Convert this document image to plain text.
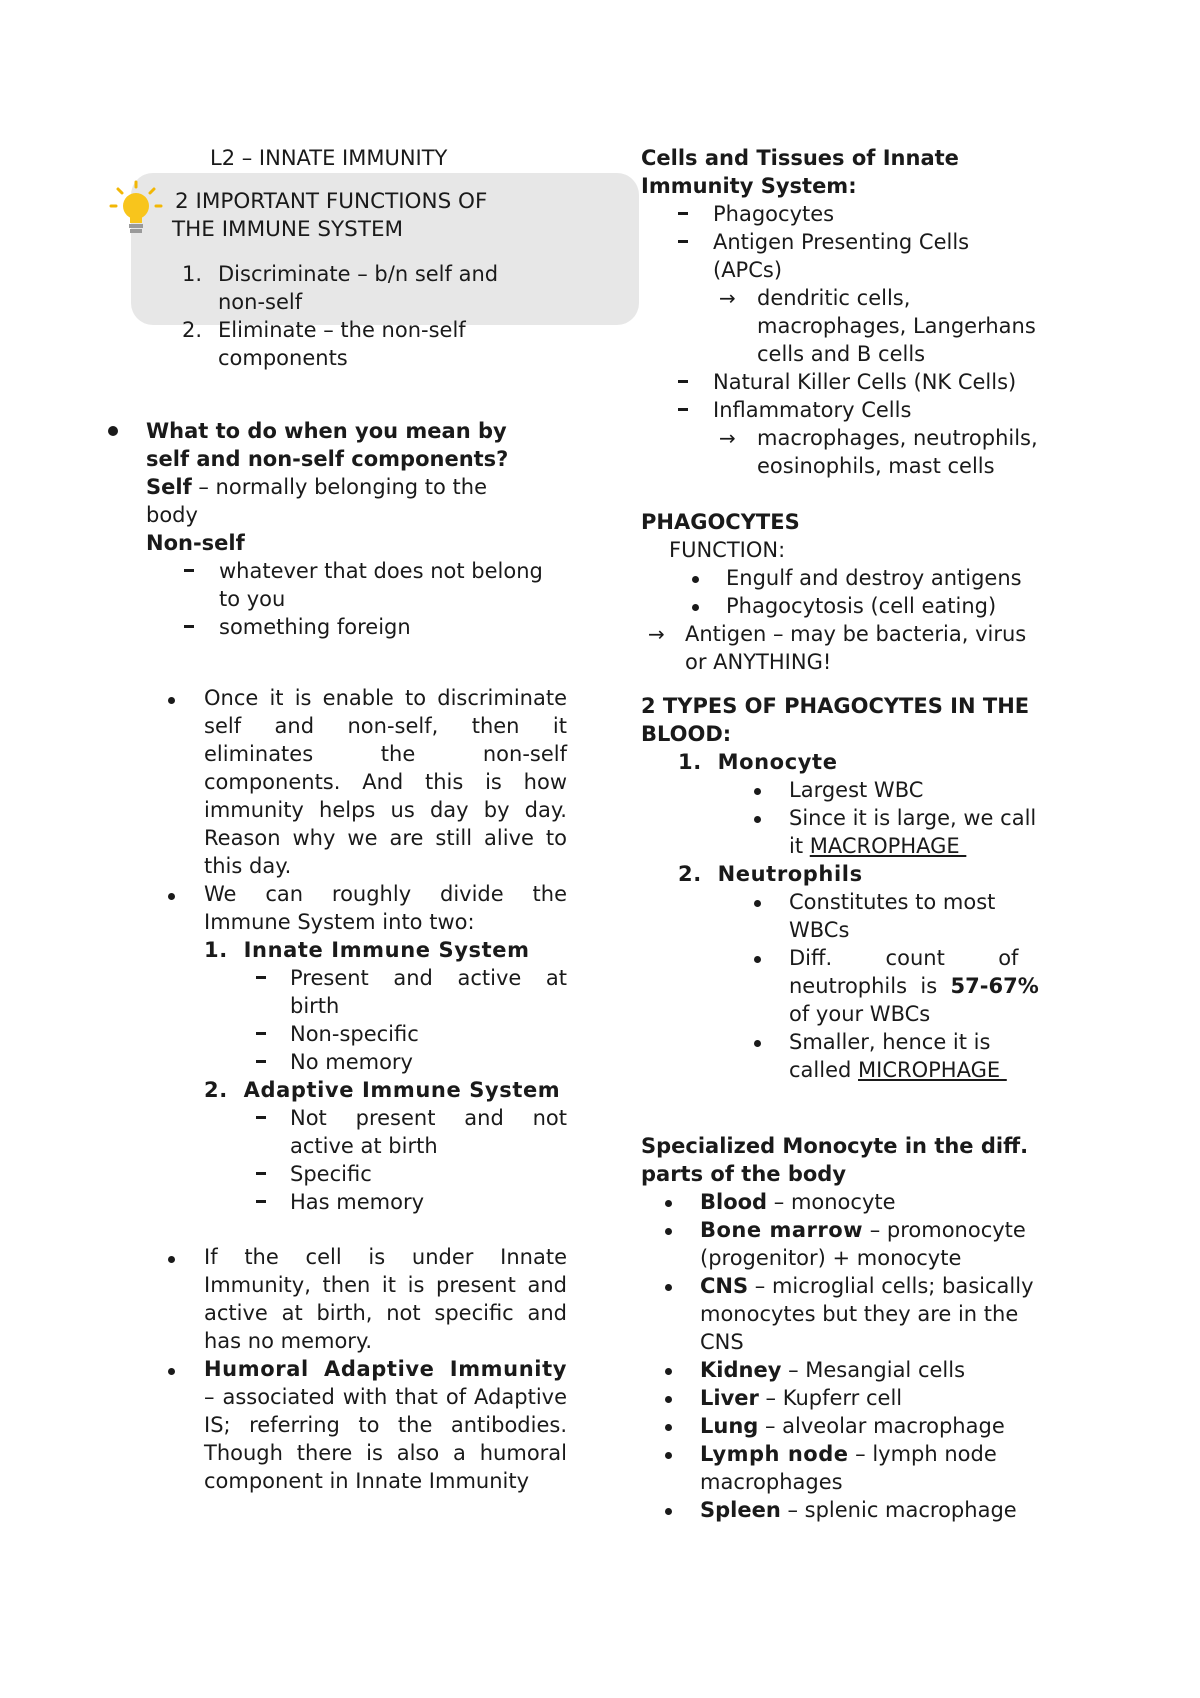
L2 – INNATE IMMUNITY
2 IMPORTANT FUNCTIONS OF
THE IMMUNE SYSTEM
1. Discriminate – b/n self and
non-self
2. Eliminate – the non-self
components
What to do when you mean by
self and non-self components?
Self – normally belonging to the
body
Non-self
whatever that does not belong
to you
something foreign
Once it is enable to discriminate self and non-self, then it eliminates the non-self components. And this is how immunity helps us day by day. Reason why we are still alive to this day.
We can roughly divide the Immune System into two:
1.  Innate Immune System
Present and active at
birth
Non-specific
No memory
2.  Adaptive Immune System
Not present and not
active at birth
Specific
Has memory
If the cell is under Innate Immunity, then it is present and active at birth, not specific and has no memory.
Humoral Adaptive Immunity – associated with that of Adaptive IS; referring to the antibodies. Though there is also a humoral component in Innate Immunity
Cells and Tissues of Innate
Immunity System:
Phagocytes
Antigen Presenting Cells
(APCs)
→ dendritic cells,
macrophages, Langerhans
cells and B cells
Natural Killer Cells (NK Cells)
Inflammatory Cells
→ macrophages, neutrophils,
eosinophils, mast cells
PHAGOCYTES
FUNCTION:
Engulf and destroy antigens
Phagocytosis (cell eating)
→ Antigen – may be bacteria, virus
or ANYTHING!
2 TYPES OF PHAGOCYTES IN THE
BLOOD:
1.  Monocyte
Largest WBC
Since it is large, we call
it MACROPHAGE
2.  Neutrophils
Constitutes to most
WBCs
Diff.        count        of
neutrophils  is  57-67%
of your WBCs
Smaller, hence it is
called MICROPHAGE
Specialized Monocyte in the diff.
parts of the body
Blood – monocyte
Bone marrow – promonocyte
(progenitor) + monocyte
CNS – microglial cells; basically
monocytes but they are in the
CNS
Kidney – Mesangial cells
Liver – Kupferr cell
Lung – alveolar macrophage
Lymph node – lymph node
macrophages
Spleen – splenic macrophage
